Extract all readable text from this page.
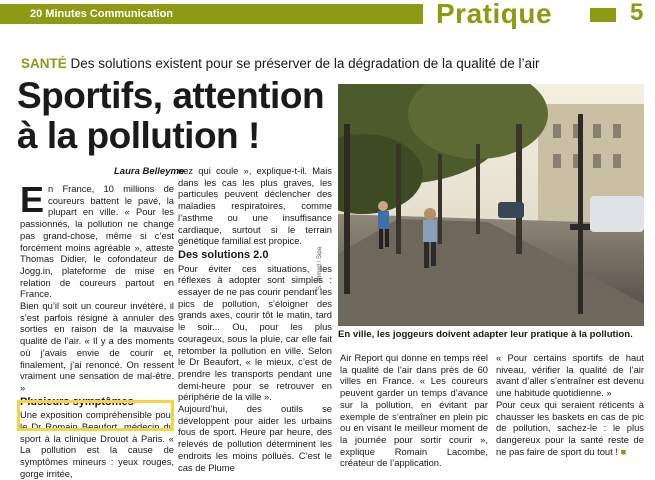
20 Minutes Communication	Pratique	5
SANTÉ Des solutions existent pour se préserver de la dégradation de la qualité de l’air
Sportifs, attention à la pollution !
Laura Belleyme
E n France, 10 millions de coureurs battent le pavé, la plupart en ville. « Pour les passionnés, la pollution ne change pas grand-chose, même si c’est forcément moins agréable », atteste Thomas Didier, le cofondateur de Jogg.in, plateforme de mise en relation de coureurs partout en France.

Bien qu’il soit un coureur invétéré, il s’est parfois résigné à annuler des sorties en raison de la mauvaise qualité de l’air. « Il y a des moments où j’avais envie de courir et, finalement, j’ai renoncé. On ressent vraiment une sensation de mal-être. »

Plusieurs symptômes

Une exposition compréhensible pour le Dr Romain Beaufort, médecin du sport à la clinique Drouot à Paris. « La pollution est la cause de symptômes mineurs : yeux rouges, gorge irritée,

nez qui coule », explique-t-il. Mais dans les cas les plus graves, les particules peuvent déclencher des maladies respiratoires, comme l’asthme ou une insuffisance cardiaque, surtout si le terrain génétique familial est propice.

Des solutions 2.0

Pour éviter ces situations, les réflexes à adopter sont simples : essayer de ne pas courir pendant les pics de pollution, s’éloigner des grands axes, courir tôt le matin, tard le soir... Ou, pour les plus courageux, sous la pluie, car elle fait retomber la pollution en ville. Selon le Dr Beaufort, « le mieux, c’est de prendre les transports pendant une demi-heure pour se retrouver en périphérie de la ville ».

Aujourd’hui, des outils se développent pour aider les urbains fous de sport. Heure par heure, des relevés de pollution déterminent les endroits les moins pollués. C’est le cas de Plume

S. Ahmed / Sipa
En ville, les joggeurs doivent adapter leur pratique à la pollution.

Air Report qui donne en temps réel la qualité de l’air dans près de 60 villes en France. « Les coureurs peuvent garder un temps d’avance sur la pollution, en évitant par exemple de s’entraîner en plein pic ou en visant le meilleur moment de la journée pour sortir courir », explique Romain Lacombe, créateur de l’application.

« Pour certains sportifs de haut niveau, vérifier la qualité de l’air avant d’aller s’entraîner est devenu une habitude quotidienne. »

Pour ceux qui seraient réticents à chausser les baskets en cas de pic de pollution, sachez-le : le plus dangereux pour la santé reste de ne pas faire de sport du tout ! ■
